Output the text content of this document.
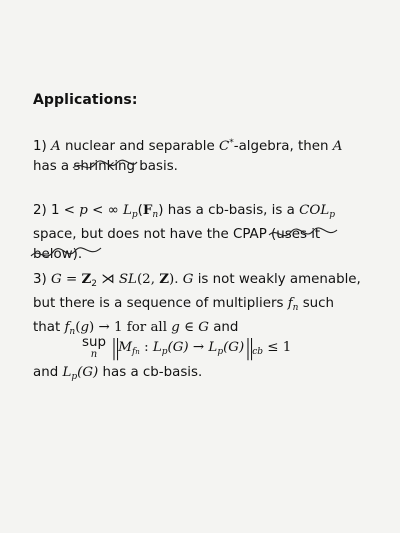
Applications:
1) A nuclear and separable C*-algebra, then A
has a shrinking
basis.
2) 1 < p < ∞ $L_p(F_n)$ has a cb-basis, is a $COL_p$
space, but does not have the CPAP (uses it
below).
3) $G = Z_2$ ⋊ SL(2, Z). G is not weakly amenable,
but there is a sequence of multipliers $f_n$ such
that $f_n(g) \to 1$ for all g ∈ G and
sup
n $‖M_{fn}$ : $L_p(G)$ → $L_p(G)‖_{cb} \le 1$
and $L_p(G)$ has a cb-basis.
